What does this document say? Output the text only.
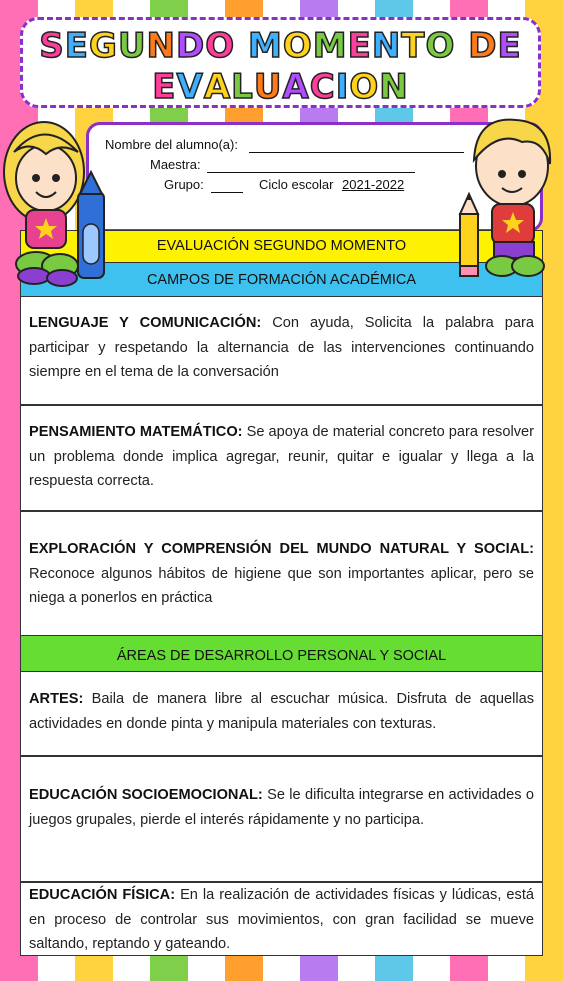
SEGUNDO MOMENTO DE
EVALUACION
Nombre del alumno(a):
Maestra:
Grupo:	Ciclo escolar 2021-2022
EVALUACIÓN SEGUNDO MOMENTO
CAMPOS DE FORMACIÓN ACADÉMICA
LENGUAJE Y COMUNICACIÓN: Con ayuda, Solicita la palabra para participar y respetando la alternancia de las intervenciones continuando siempre en el tema de la conversación
PENSAMIENTO MATEMÁTICO: Se apoya de material concreto para resolver un problema donde implica agregar, reunir, quitar e igualar y llega a la respuesta correcta.
EXPLORACIÓN Y COMPRENSIÓN DEL MUNDO NATURAL Y SOCIAL: Reconoce algunos hábitos de higiene que son importantes aplicar, pero se niega a ponerlos en práctica
ÁREAS DE DESARROLLO PERSONAL Y SOCIAL
ARTES: Baila de manera libre al escuchar música. Disfruta de aquellas actividades en donde pinta y manipula materiales con texturas.
EDUCACIÓN SOCIOEMOCIONAL: Se le dificulta integrarse en actividades o juegos grupales, pierde el interés rápidamente y no participa.
EDUCACIÓN FÍSICA: En la realización de actividades físicas y lúdicas, está en proceso de controlar sus movimientos, con gran facilidad se mueve saltando, reptando y gateando.
